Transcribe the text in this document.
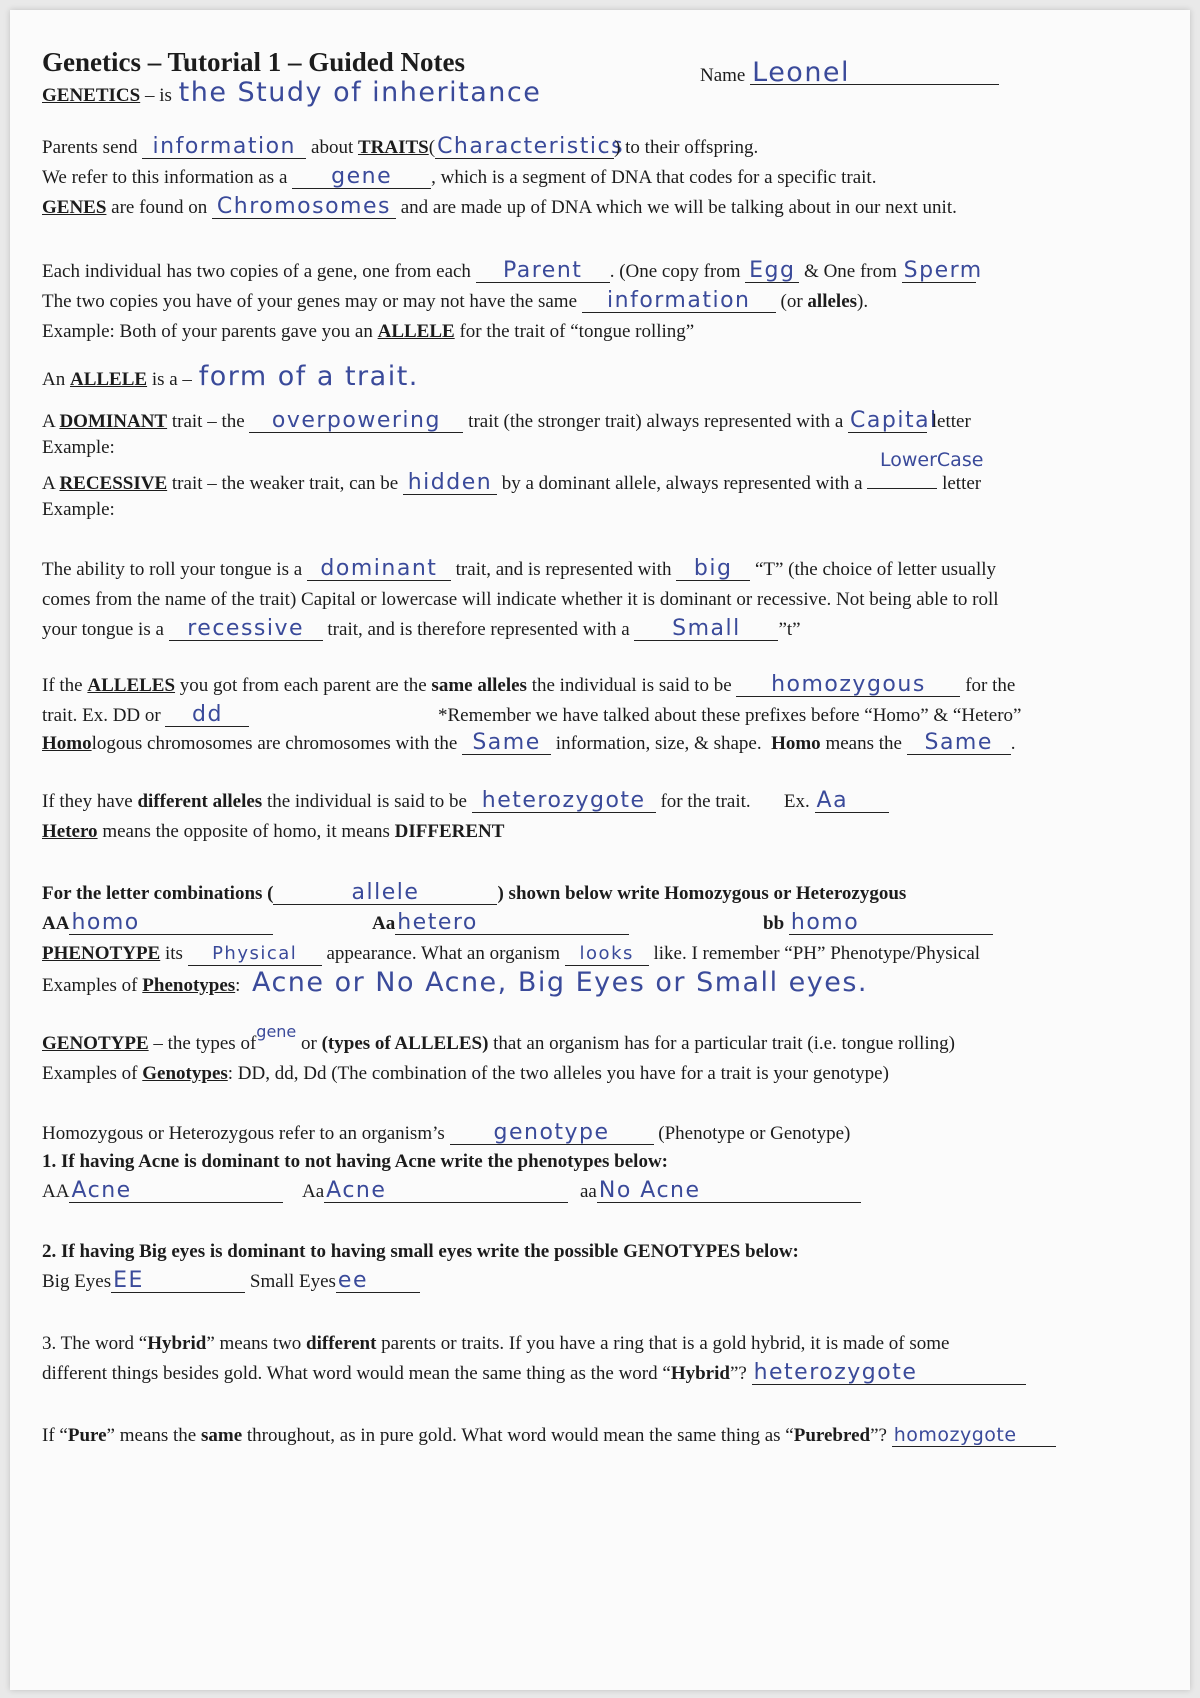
Genetics – Tutorial 1 – Guided Notes	Name Leonel
GENETICS – is the Study of inheritance
Parents send information about TRAITS(Characteristics) to their offspring.
We refer to this information as a gene , which is a segment of DNA that codes for a specific trait.
GENES are found on Chromosomes and are made up of DNA which we will be talking about in our next unit.
Each individual has two copies of a gene, one from each Parent . (One copy from Egg & One from Sperm
The two copies you have of your genes may or may not have the same information (or alleles).
Example: Both of your parents gave you an ALLELE for the trait of “tongue rolling”
An ALLELE is a – form of a trait.
A DOMINANT trait – the overpowering trait (the stronger trait) always represented with a Capital letter
Example:
LowerCase
A RECESSIVE trait – the weaker trait, can be hidden by a dominant allele, always represented with a	letter
Example:
The ability to roll your tongue is a dominant trait, and is represented with big “T” (the choice of letter usually
comes from the name of the trait) Capital or lowercase will indicate whether it is dominant or recessive. Not being able to roll
your tongue is a recessive trait, and is therefore represented with a Small ”t”
If the ALLELES you got from each parent are the same alleles the individual is said to be homozygous for the
trait. Ex. DD or dd	*Remember we have talked about these prefixes before “Homo” & “Hetero”
Homologous chromosomes are chromosomes with the Same information, size, & shape. Homo means the Same .
If they have different alleles the individual is said to be heterozygote for the trait. Ex. Aa
Hetero means the opposite of homo, it means DIFFERENT
For the letter combinations (	allele	) shown below write Homozygous or Heterozygous
AAhomo	Aahetero	bb homo
PHENOTYPE its Physical appearance. What an organism looks like. I remember “PH” Phenotype/Physical
Examples of Phenotypes: Acne or No Acne, Big Eyes or Small eyes.
GENOTYPE – the types $of^{gene}$ or (types of ALLELES) that an organism has for a particular trait (i.e. tongue rolling)
Examples of Genotypes: DD, dd, Dd (The combination of the two alleles you have for a trait is your genotype)
Homozygous or Heterozygous refer to an organism’s genotype	(Phenotype or Genotype)
1. If having Acne is dominant to not having Acne write the phenotypes below:
AAAcne	AaAcne	aaNo Acne
2. If having Big eyes is dominant to having small eyes write the possible GENOTYPES below:
Big EyesEE	Small Eyesee
3. The word “Hybrid” means two different parents or traits. If you have a ring that is a gold hybrid, it is made of some
different things besides gold. What word would mean the same thing as the word “Hybrid”? heterozygote
If “Pure” means the same throughout, as in pure gold. What word would mean the same thing as “Purebred”? homozygote
